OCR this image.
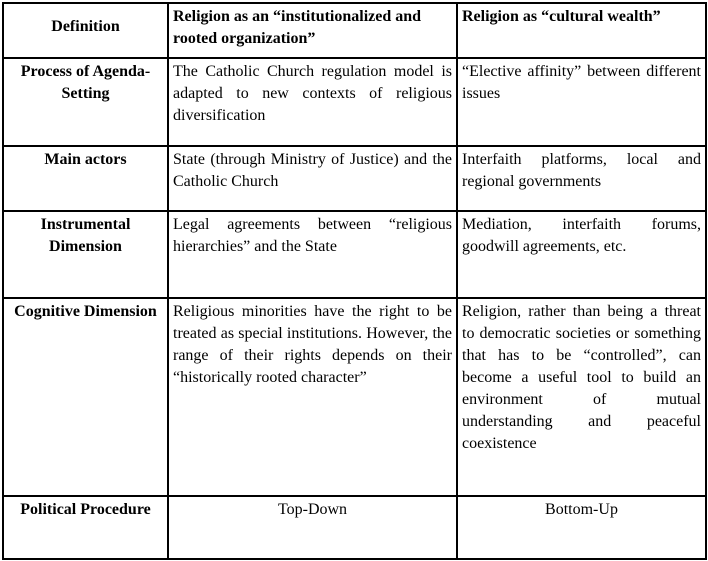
Definition	Religion as an “institutionalized and rooted organization”	Religion as “cultural wealth”
Process of Agenda-Setting	The Catholic Church regulation model is adapted to new contexts of religious diversification	“Elective affinity” between different issues
Main actors	State (through Ministry of Justice) and the Catholic Church	Interfaith platforms, local and regional governments
Instrumental Dimension	Legal agreements between “religious hierarchies” and the State	Mediation, interfaith forums, goodwill agreements, etc.
Cognitive Dimension	Religious minorities have the right to be treated as special institutions. However, the range of their rights depends on their “historically rooted character”	Religion, rather than being a threat to democratic societies or something that has to be “controlled”, can become a useful tool to build an environment of mutual understanding and peaceful coexistence
Political Procedure	Top-Down	Bottom-Up
